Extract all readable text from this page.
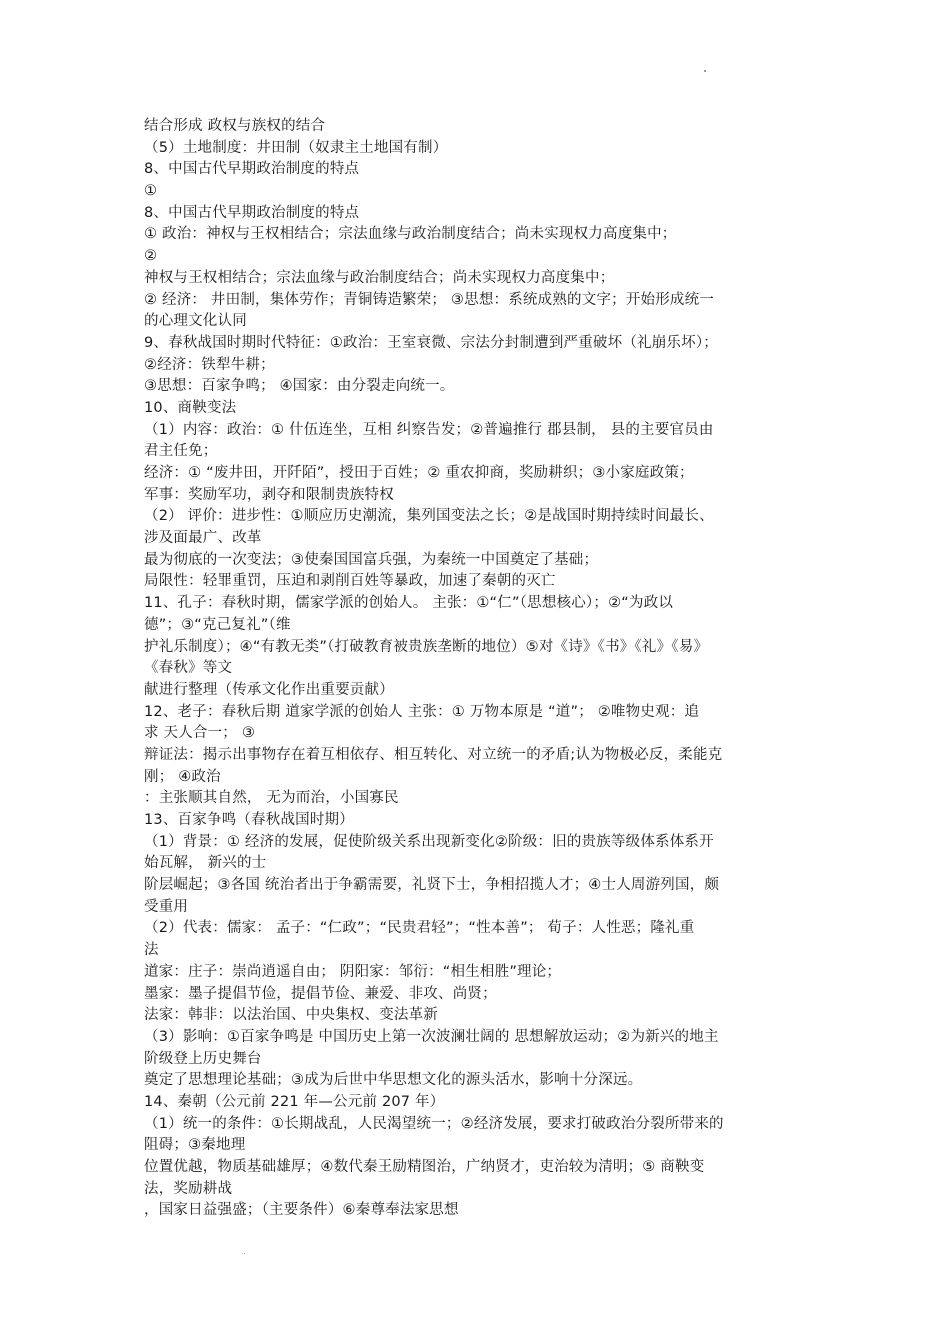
结合形成 政权与族权的结合
（5）土地制度：井田制（奴隶主土地国有制）
8、中国古代早期政治制度的特点
①
8、中国古代早期政治制度的特点
① 政治：神权与王权相结合；宗法血缘与政治制度结合；尚未实现权力高度集中；
②
神权与王权相结合；宗法血缘与政治制度结合；尚未实现权力高度集中；
② 经济： 井田制，集体劳作；青铜铸造繁荣； ③思想：系统成熟的文字；开始形成统一
的心理文化认同
9、春秋战国时期时代特征：①政治：王室衰微、宗法分封制遭到严重破坏（礼崩乐坏）；
②经济：铁犁牛耕；
③思想：百家争鸣； ④国家：由分裂走向统一。
10、商鞅变法
（1）内容：政治：① 什伍连坐，互相 纠察告发；②普遍推行 郡县制， 县的主要官员由
君主任免；
经济：① “废井田，开阡陌”，授田于百姓；② 重农抑商，奖励耕织；③小家庭政策；
军事：奖励军功，剥夺和限制贵族特权
（2） 评价：进步性：①顺应历史潮流，集列国变法之长；②是战国时期持续时间最长、
涉及面最广、改革
最为彻底的一次变法；③使秦国国富兵强，为秦统一中国奠定了基础；
局限性：轻罪重罚，压迫和剥削百姓等暴政，加速了秦朝的灭亡
11、孔子：春秋时期，儒家学派的创始人。 主张：①“仁”（思想核心）；②“为政以
德”；③“克己复礼”（维
护礼乐制度）；④“有教无类”（打破教育被贵族垄断的地位）⑤对《诗》《书》《礼》《易》
《春秋》等文
献进行整理（传承文化作出重要贡献）
12、老子：春秋后期 道家学派的创始人 主张：① 万物本原是 “道”； ②唯物史观：追
求 天人合一； ③
辩证法：揭示出事物存在着互相依存、相互转化、对立统一的矛盾;认为物极必反，柔能克
刚； ④政治
：主张顺其自然， 无为而治，小国寡民
13、百家争鸣（春秋战国时期）
（1）背景：① 经济的发展，促使阶级关系出现新变化②阶级：旧的贵族等级体系体系开
始瓦解， 新兴的士
阶层崛起；③各国 统治者出于争霸需要，礼贤下士，争相招揽人才；④士人周游列国，颇
受重用
（2）代表：儒家： 孟子：“仁政”；“民贵君轻”；“性本善”； 荀子：人性恶；隆礼重
法
道家：庄子：崇尚逍遥自由； 阴阳家：邹衍：“相生相胜”理论；
墨家：墨子提倡节俭，提倡节俭、兼爱、非攻、尚贤；
法家：韩非：以法治国、中央集权、变法革新
（3）影响：①百家争鸣是 中国历史上第一次波澜壮阔的 思想解放运动；②为新兴的地主
阶级登上历史舞台
奠定了思想理论基础；③成为后世中华思想文化的源头活水，影响十分深远。
14、秦朝（公元前 221 年—公元前 207 年）
（1）统一的条件：①长期战乱，人民渴望统一；②经济发展，要求打破政治分裂所带来的
阻碍；③秦地理
位置优越，物质基础雄厚；④数代秦王励精图治，广纳贤才，吏治较为清明；⑤ 商鞅变
法，奖励耕战
，国家日益强盛；（主要条件）⑥秦尊奉法家思想
